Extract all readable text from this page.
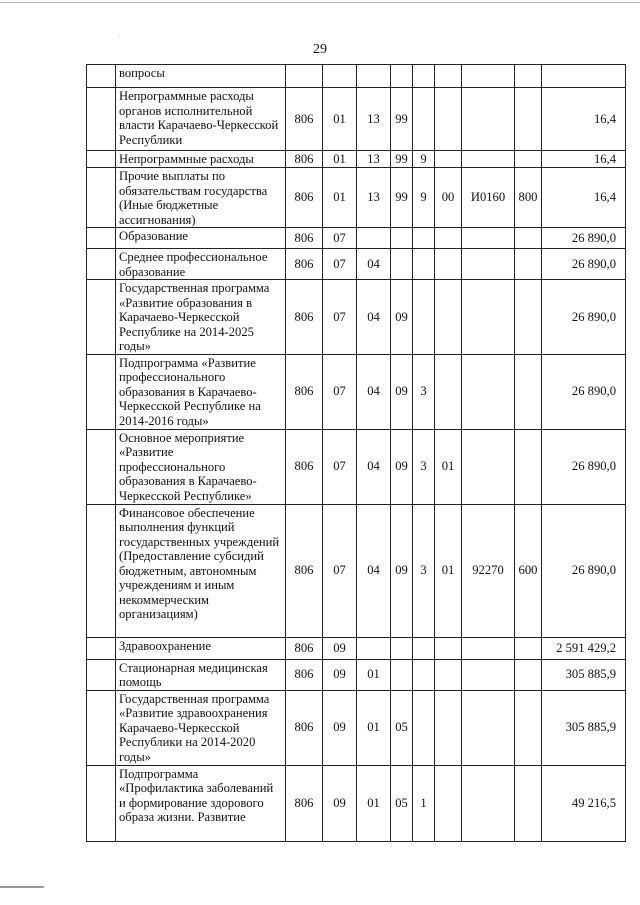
·
29
	вопросы									
	Непрограммные расходы органов исполнительной власти Карачаево-Черкесской Республики	806	01	13	99					16,4
	Непрограммные расходы	806	01	13	99	9				16,4
	Прочие выплаты по обязательствам государства (Иные бюджетные ассигнования)	806	01	13	99	9	00	И0160	800	16,4
	Образование	806	07							26 890,0
	Среднее профессиональное образование	806	07	04						26 890,0
	Государственная программа «Развитие образования в Карачаево-Черкесской Республике на 2014-2025 годы»	806	07	04	09					26 890,0
	Подпрограмма «Развитие профессионального образования в Карачаево-Черкесской Республике на 2014-2016 годы»	806	07	04	09	3				26 890,0
	Основное мероприятие «Развитие профессионального образования в Карачаево-Черкесской Республике»	806	07	04	09	3	01			26 890,0
	Финансовое обеспечение выполнения функций государственных учреждений (Предоставление субсидий бюджетным, автономным учреждениям и иным некоммерческим организациям)	806	07	04	09	3	01	92270	600	26 890,0
	Здравоохранение	806	09							2 591 429,2
	Стационарная медицинская помощь	806	09	01						305 885,9
	Государственная программа «Развитие здравоохранения Карачаево-Черкесской Республики на 2014-2020 годы»	806	09	01	05					305 885,9
	Подпрограмма «Профилактика заболеваний и формирование здорового образа жизни. Развитие	806	09	01	05	1				49 216,5
